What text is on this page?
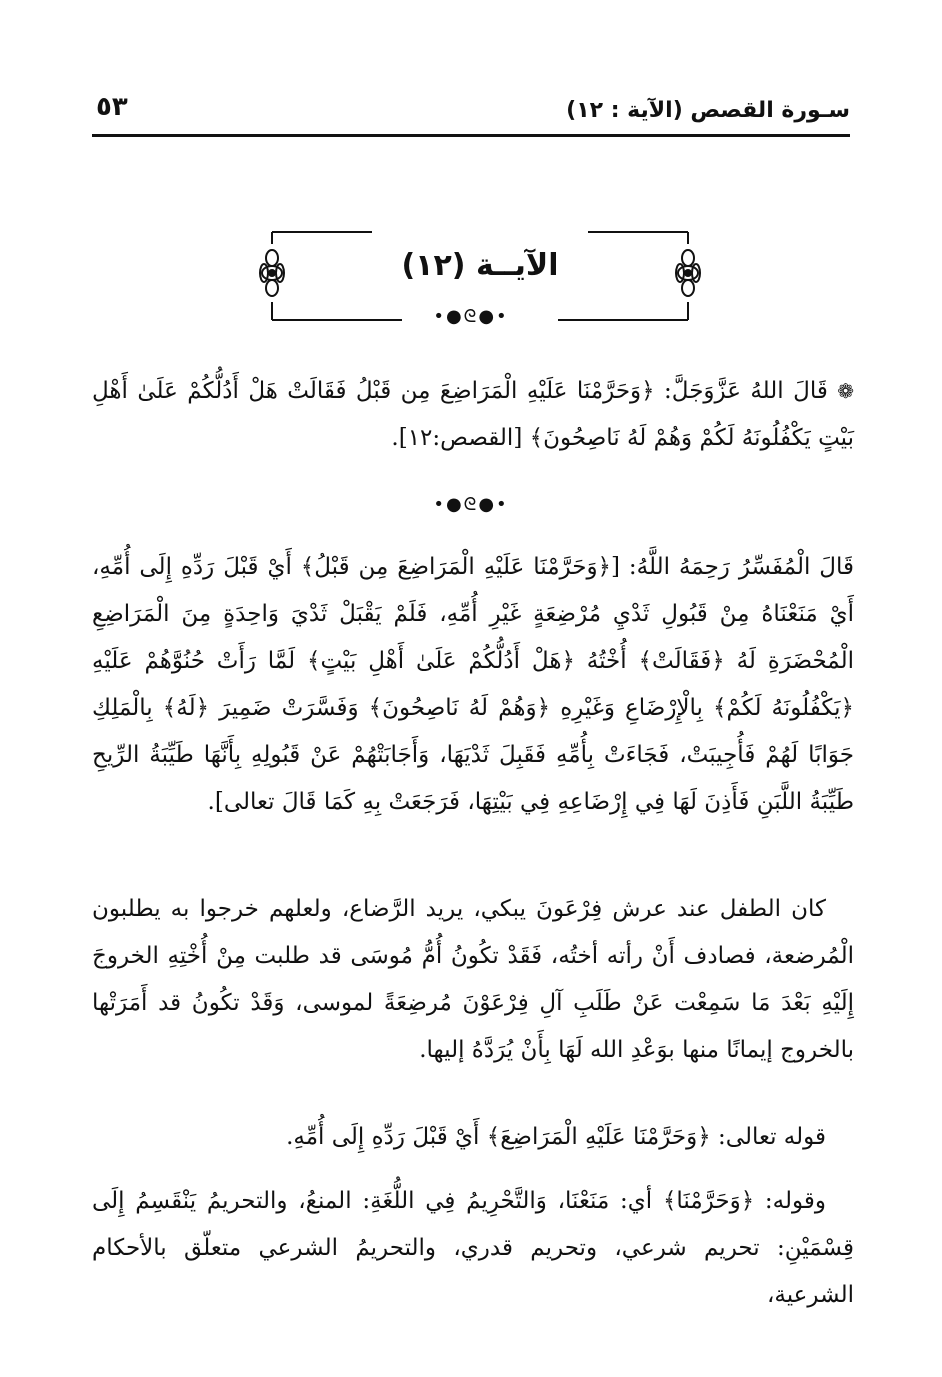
سـورة القصص (الآية : ١٢)
٥٣
الآيــة (١٢)
•●ᘓ●•
❁ قَالَ اللهُ عَزَّوَجَلَّ: ﴿وَحَرَّمْنَا عَلَيْهِ الْمَرَاضِعَ مِن قَبْلُ فَقَالَتْ هَلْ أَدُلُّكُمْ عَلَىٰ أَهْلِ بَيْتٍ يَكْفُلُونَهُ لَكُمْ وَهُمْ لَهُ نَاصِحُونَ﴾ [القصص:١٢].
•●ᘓ●•
قَالَ الْمُفَسِّرُ رَحِمَهُ اللَّهُ: [﴿وَحَرَّمْنَا عَلَيْهِ الْمَرَاضِعَ مِن قَبْلُ﴾ أَيْ قَبْلَ رَدِّهِ إِلَى أُمِّهِ، أَيْ مَنَعْنَاهُ مِنْ قَبُولِ ثَدْيِ مُرْضِعَةٍ غَيْرِ أُمِّهِ، فَلَمْ يَقْبَلْ ثَدْيَ وَاحِدَةٍ مِنَ الْمَرَاضِعِ الْمُحْضَرَةِ لَهُ ﴿فَقَالَتْ﴾ أُخْتُهُ ﴿هَلْ أَدُلُّكُمْ عَلَىٰ أَهْلِ بَيْتٍ﴾ لَمَّا رَأَتْ حُنُوَّهُمْ عَلَيْهِ ﴿يَكْفُلُونَهُ لَكُمْ﴾ بِالْإِرْضَاعِ وَغَيْرِهِ ﴿وَهُمْ لَهُ نَاصِحُونَ﴾ وَفَسَّرَتْ ضَمِيرَ ﴿لَهُ﴾ بِالْمَلِكِ جَوَابًا لَهُمْ فَأُجِيبَتْ، فَجَاءَتْ بِأُمِّهِ فَقَبِلَ ثَدْيَهَا، وَأَجَابَتْهُمْ عَنْ قَبُولِهِ بِأَنَّهَا طَيِّبَةُ الرِّيحِ طَيِّبَةُ اللَّبَنِ فَأَذِنَ لَهَا فِي إِرْضَاعِهِ فِي بَيْتِهَا، فَرَجَعَتْ بِهِ كَمَا قَالَ تعالى].
كان الطفل عند عرش فِرْعَونَ يبكي، يريد الرَّضاع، ولعلهم خرجوا به يطلبون الْمُرضعة، فصادف أَنْ رأته أختُه، فَقَدْ تكُونُ أُمُّ مُوسَى قد طلبت مِنْ أُخْتِهِ الخروجَ إِلَيْهِ بَعْدَ مَا سَمِعْت عَنْ طَلَبِ آلِ فِرْعَوْنَ مُرضِعَةً لموسى، وَقَدْ تكُونُ قد أَمَرَتْها بالخروج إيمانًا منها بوَعْدِ الله لَهَا بِأَنْ يُرَدَّهُ إليها.
قوله تعالى: ﴿وَحَرَّمْنَا عَلَيْهِ الْمَرَاضِعَ﴾ أَيْ قَبْلَ رَدِّهِ إِلَى أُمِّهِ.
وقوله: ﴿وَحَرَّمْنَا﴾ أي: مَنَعْنَا، وَالتَّحْرِيمُ فِي اللُّغَةِ: المنعُ، والتحريمُ يَنْقَسِمُ إِلَى قِسْمَيْنِ: تحريم شرعي، وتحريم قدري، والتحريمُ الشرعي متعلّق بالأحكام الشرعية،
